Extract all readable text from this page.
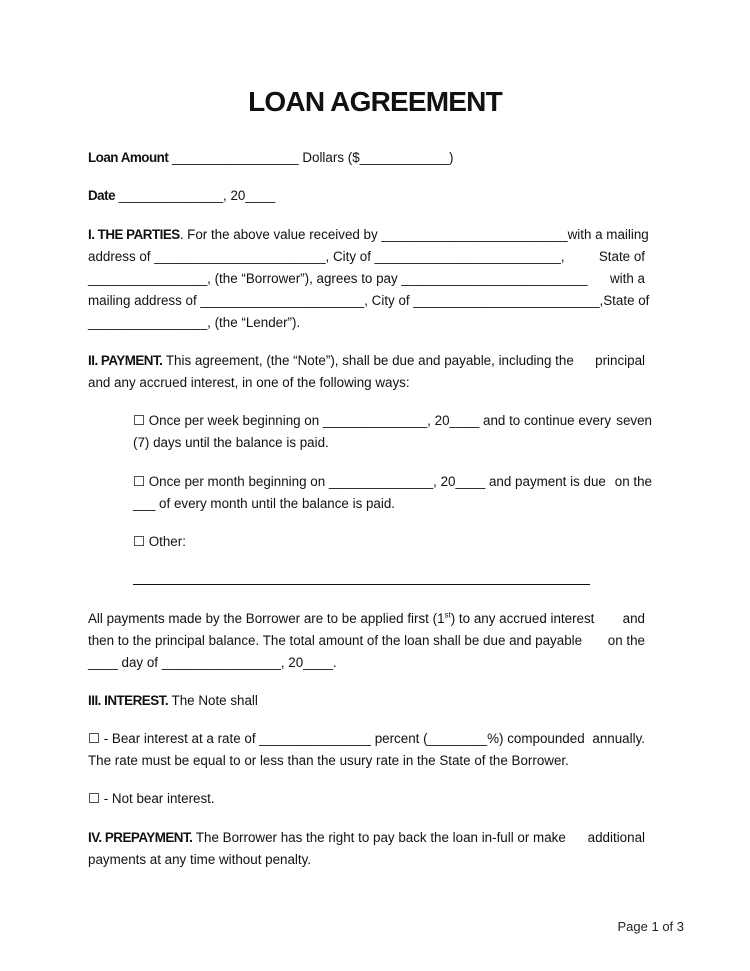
LOAN AGREEMENT
Loan Amount _________________ Dollars ($____________)
Date ______________, 20____
I. THE PARTIES. For the above value received by _________________________ with a mailing
address of _______________________, City of _________________________,	State of
________________, (the “Borrower”), agrees to pay _________________________ with a
mailing address of ______________________, City of _________________________, State of
________________, (the “Lender”).
II. PAYMENT. This agreement, (the “Note”), shall be due and payable, including the principal
and any accrued interest, in one of the following ways:
☐ Once per week beginning on ______________, 20____ and to continue every seven
(7) days until the balance is paid.
☐ Once per month beginning on ______________, 20____ and payment is due on the
___ of every month until the balance is paid.
☐ Other:
All payments made by the Borrower are to be applied first (1st) to any accrued interest and
then to the principal balance. The total amount of the loan shall be due and payable on the
____ day of ________________, 20____.
III. INTEREST. The Note shall
☐ - Bear interest at a rate of _______________ percent (________%) compounded annually.
The rate must be equal to or less than the usury rate in the State of the Borrower.
☐ - Not bear interest.
IV. PREPAYMENT. The Borrower has the right to pay back the loan in-full or make additional
payments at any time without penalty.
Page 1 of 3
